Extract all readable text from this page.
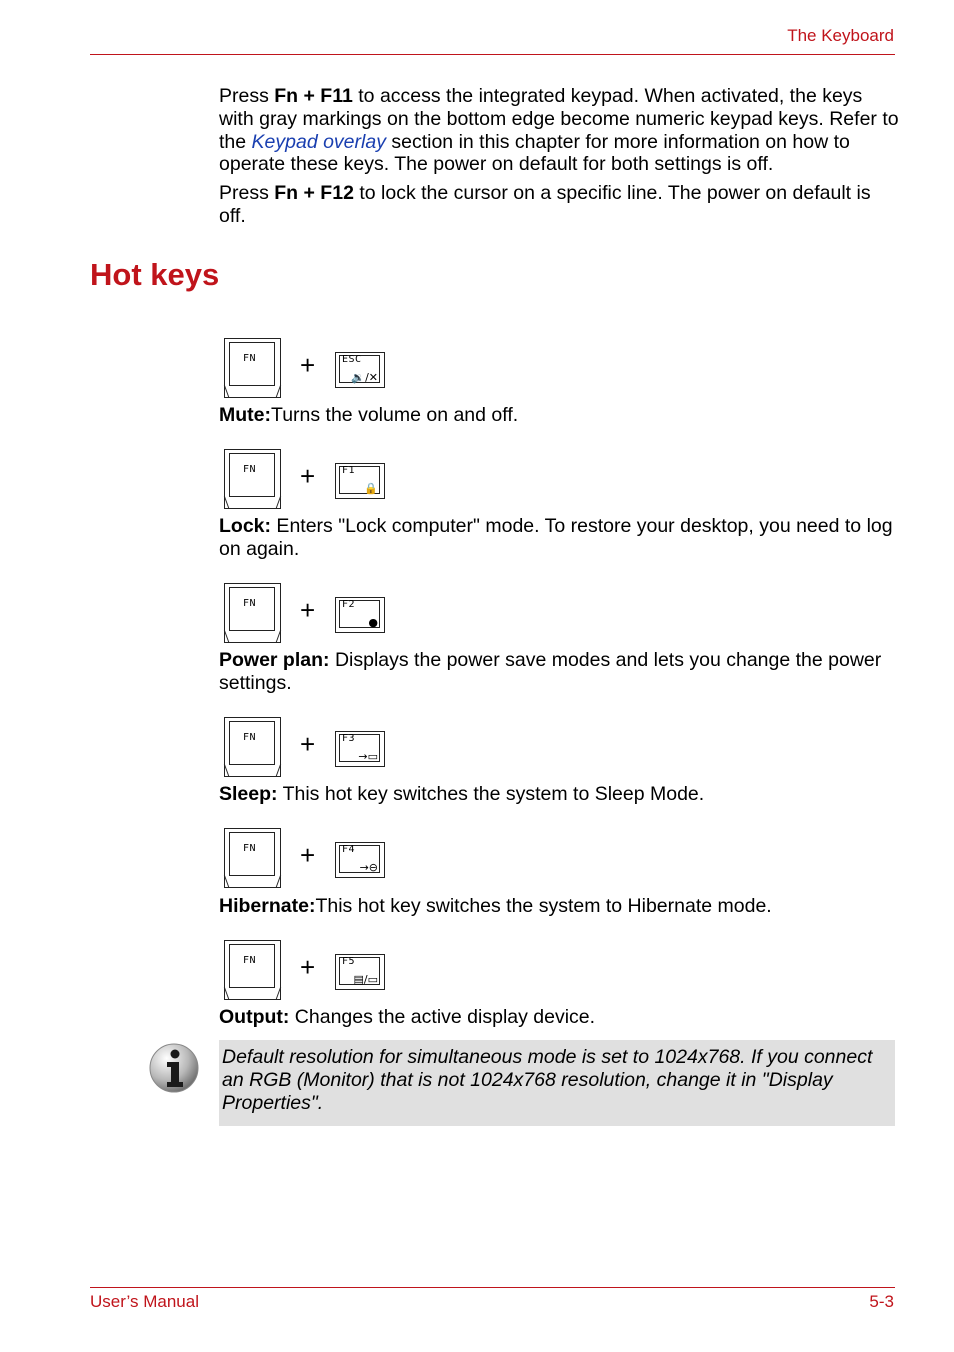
The Keyboard

Press Fn + F11 to access the integrated keypad. When activated, the keys with gray markings on the bottom edge become numeric keypad keys. Refer to the Keypad overlay section in this chapter for more information on how to operate these keys. The power on default for both settings is off.

Press Fn + F12 to lock the cursor on a specific line. The power on default is off.

Hot keys
FN +	ESC
🔉/✕

Mute:Turns the volume on and off.

FN +	F1
🔒

Lock: Enters "Lock computer" mode. To restore your desktop, you need to log on again.

FN +	F2
●

Power plan: Displays the power save modes and lets you change the power settings.

FN +	F3
→▭

Sleep: This hot key switches the system to Sleep Mode.

FN +	F4
→⊖

Hibernate:This hot key switches the system to Hibernate mode.

FN +	F5
▤/▭

Output: Changes the active display device.

Default resolution for simultaneous mode is set to 1024x768. If you connect an RGB (Monitor) that is not 1024x768 resolution, change it in "Display Properties".

User’s Manual	5-3
